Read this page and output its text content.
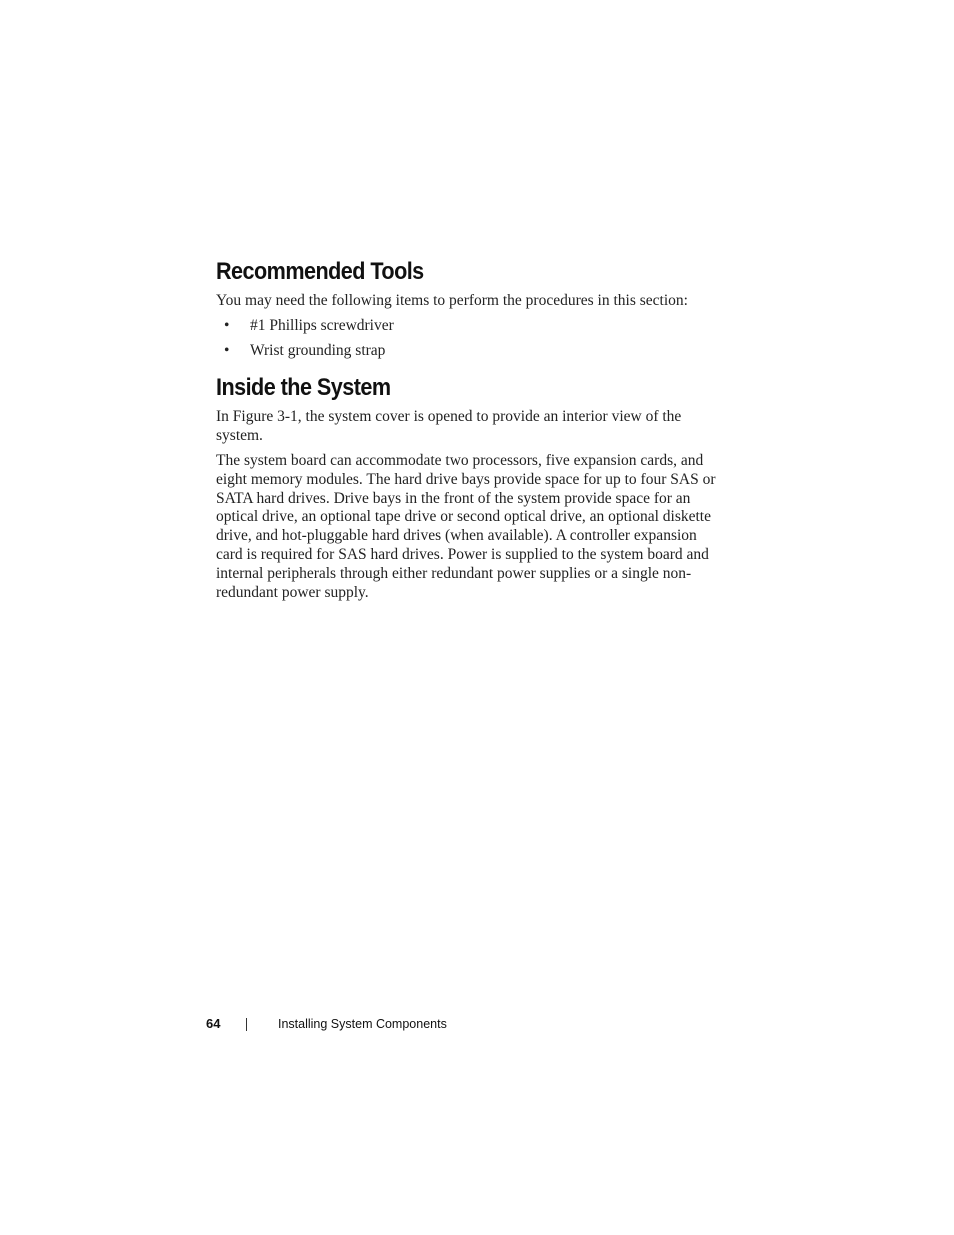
Recommended Tools

You may need the following items to perform the procedures in this section:

• #1 Phillips screwdriver
• Wrist grounding strap
Inside the System

In Figure 3-1, the system cover is opened to provide an interior view of the system.

The system board can accommodate two processors, five expansion cards, and eight memory modules. The hard drive bays provide space for up to four SAS or SATA hard drives. Drive bays in the front of the system provide space for an optical drive, an optional tape drive or second optical drive, an optional diskette drive, and hot-pluggable hard drives (when available). A controller expansion card is required for SAS hard drives. Power is supplied to the system board and internal peripherals through either redundant power supplies or a single non-redundant power supply.

64	Installing System Components
